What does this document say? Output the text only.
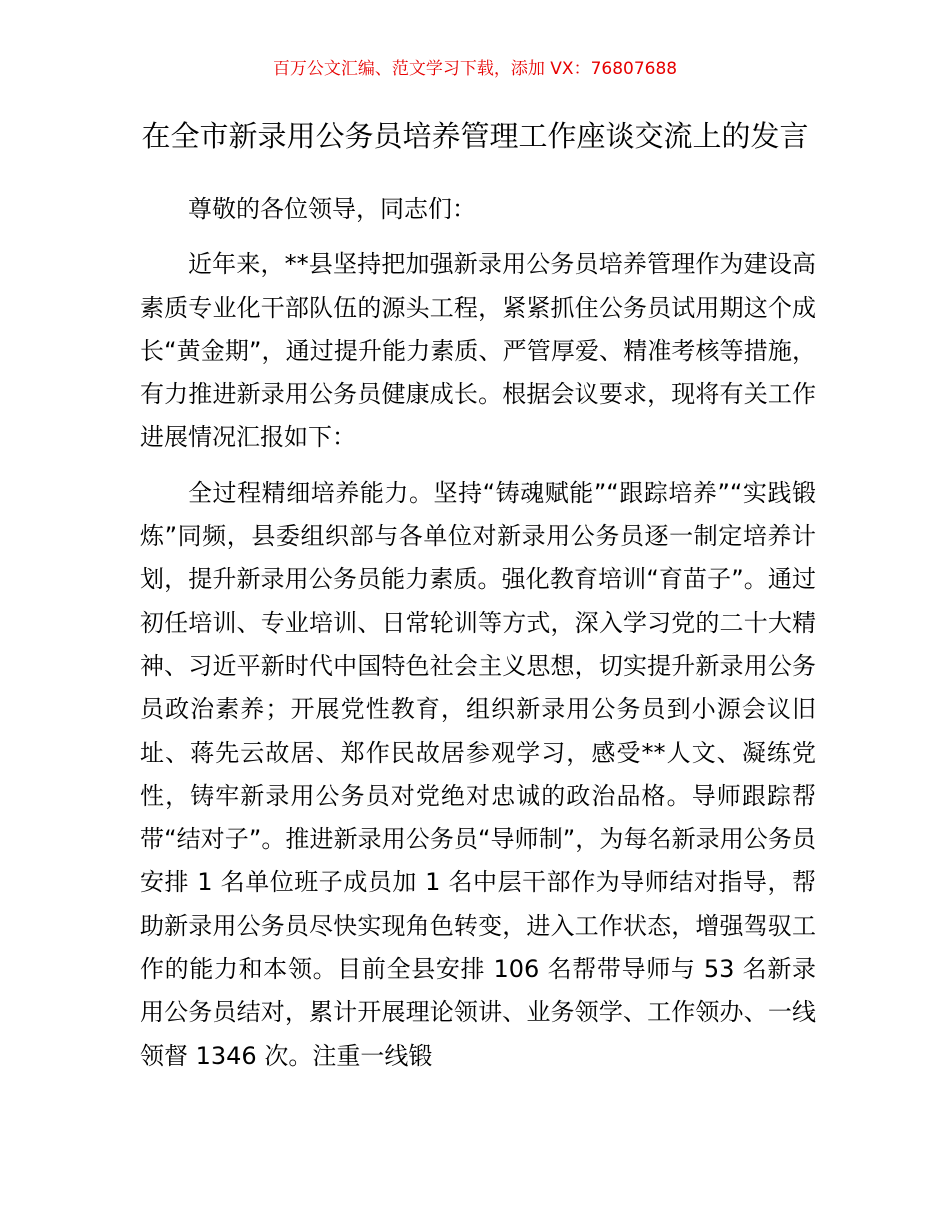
百万公文汇编、范文学习下载，添加 VX：76807688
在全市新录用公务员培养管理工作座谈交流上的发言

尊敬的各位领导，同志们：

近年来，**县坚持把加强新录用公务员培养管理作为建设高素质专业化干部队伍的源头工程，紧紧抓住公务员试用期这个成长“黄金期”，通过提升能力素质、严管厚爱、精准考核等措施，有力推进新录用公务员健康成长。根据会议要求，现将有关工作进展情况汇报如下：

全过程精细培养能力。坚持“铸魂赋能”“跟踪培养”“实践锻炼”同频，县委组织部与各单位对新录用公务员逐一制定培养计划，提升新录用公务员能力素质。强化教育培训“育苗子”。通过初任培训、专业培训、日常轮训等方式，深入学习党的二十大精神、习近平新时代中国特色社会主义思想，切实提升新录用公务员政治素养；开展党性教育，组织新录用公务员到小源会议旧址、蒋先云故居、郑作民故居参观学习，感受**人文、凝练党性，铸牢新录用公务员对党绝对忠诚的政治品格。导师跟踪帮带“结对子”。推进新录用公务员“导师制”，为每名新录用公务员安排 1 名单位班子成员加 1 名中层干部作为导师结对指导，帮助新录用公务员尽快实现角色转变，进入工作状态，增强驾驭工作的能力和本领。目前全县安排 106 名帮带导师与 53 名新录用公务员结对，累计开展理论领讲、业务领学、工作领办、一线领督 1346 次。注重一线锻
